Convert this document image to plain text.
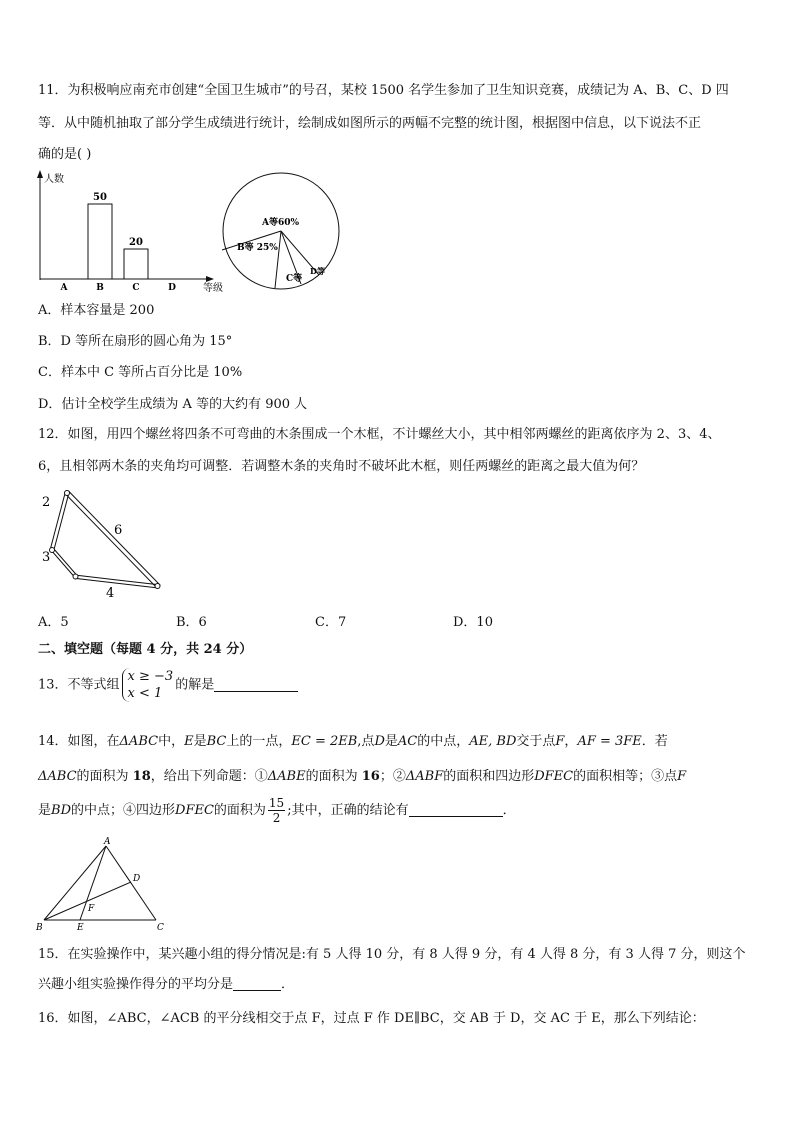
11．为积极响应南充市创建“全国卫生城市”的号召，某校 1500 名学生参加了卫生知识竞赛，成绩记为 A、B、C、D 四
等．从中随机抽取了部分学生成绩进行统计，绘制成如图所示的两幅不完整的统计图，根据图中信息，以下说法不正
确的是( )
人数
等级
A
50
B
20
C	D
A等60%
B等 25%
C等
D等
A．样本容量是 200
B．D 等所在扇形的圆心角为 15°
C．样本中 C 等所占百分比是 10%
D．估计全校学生成绩为 A 等的大约有 900 人
12．如图，用四个螺丝将四条不可弯曲的木条围成一个木框，不计螺丝大小，其中相邻两螺丝的距离依序为 2、3、4、
6，且相邻两木条的夹角均可调整．若调整木条的夹角时不破坏此木框，则任两螺丝的距离之最大值为何？
2
3
4
6
A．5	B．6	C．7	D．10
二、填空题（每题 4 分，共 24 分）
13．不等式组
x ≥ −3
x < 1
的解是
14．如图，在ΔABC中，E是BC上的一点，EC = 2EB,点D是AC的中点，AE, BD交于点F，AF = 3FE．若
ΔABC的面积为 18，给出下列命题：①ΔABE的面积为 16；②ΔABF的面积和四边形DFEC的面积相等；③点F
是BD的中点；④四边形DFEC的面积为 $\frac{15}{2}$ ;其中，正确的结论有	．
A
B	C
D
E
F
15．在实验操作中，某兴趣小组的得分情况是:有 5 人得 10 分，有 8 人得 9 分，有 4 人得 8 分，有 3 人得 7 分，则这个
兴趣小组实验操作得分的平均分是	．
16．如图，∠ABC，∠ACB 的平分线相交于点 F，过点 F 作 DE∥BC，交 AB 于 D，交 AC 于 E，那么下列结论：
